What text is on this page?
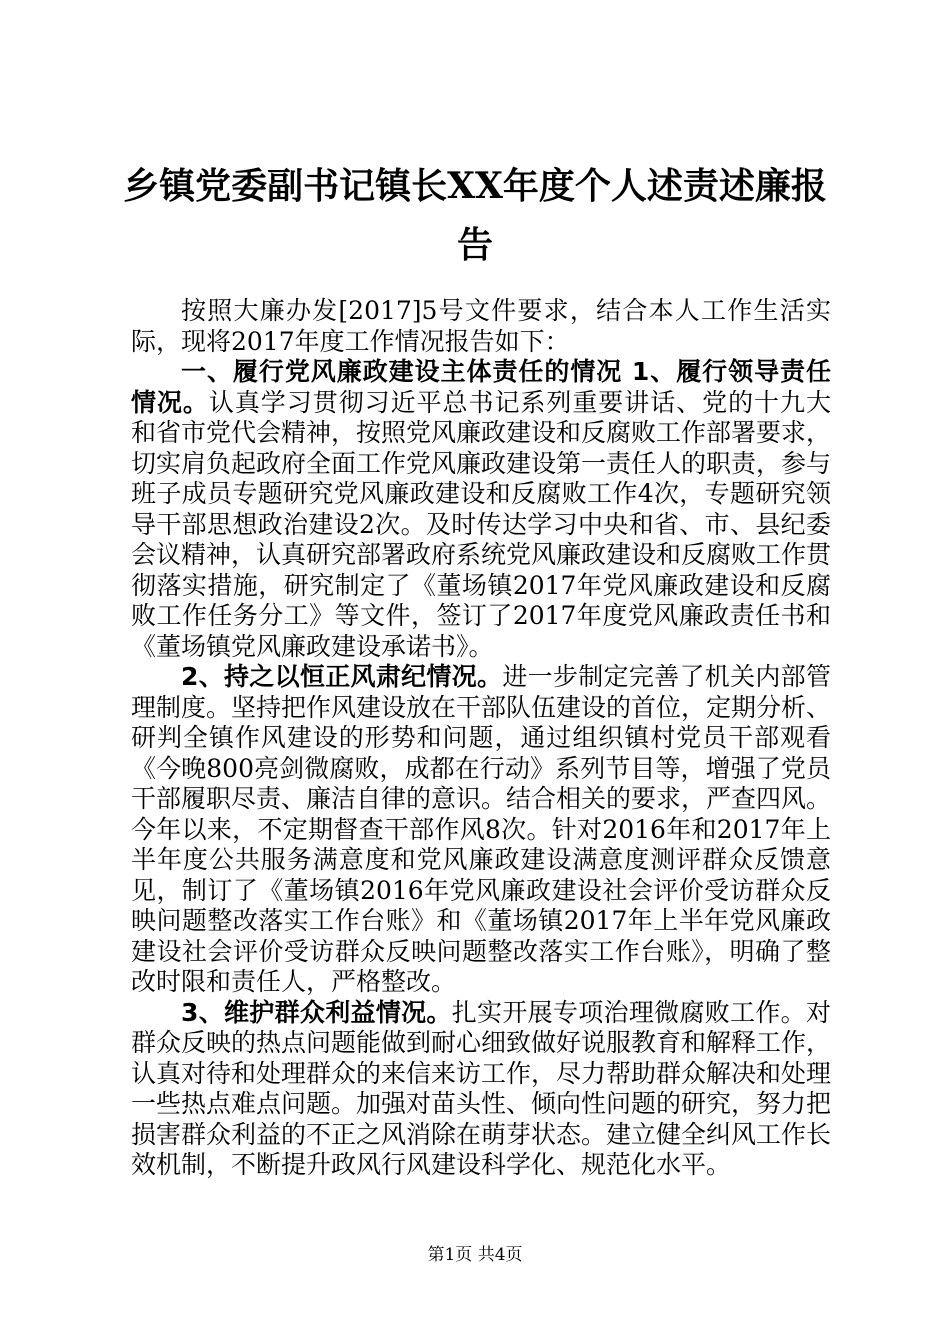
乡镇党委副书记镇长XX年度个人述责述廉报告

按照大廉办发[2017]5号文件要求，结合本人工作生活实际，现将2017年度工作情况报告如下：

一、履行党风廉政建设主体责任的情况 1、履行领导责任情况。认真学习贯彻习近平总书记系列重要讲话、党的十九大和省市党代会精神，按照党风廉政建设和反腐败工作部署要求，切实肩负起政府全面工作党风廉政建设第一责任人的职责，参与班子成员专题研究党风廉政建设和反腐败工作4次，专题研究领导干部思想政治建设2次。及时传达学习中央和省、市、县纪委会议精神，认真研究部署政府系统党风廉政建设和反腐败工作贯彻落实措施，研究制定了《董场镇2017年党风廉政建设和反腐败工作任务分工》等文件，签订了2017年度党风廉政责任书和《董场镇党风廉政建设承诺书》。

2、持之以恒正风肃纪情况。进一步制定完善了机关内部管理制度。坚持把作风建设放在干部队伍建设的首位，定期分析、研判全镇作风建设的形势和问题，通过组织镇村党员干部观看《今晚800亮剑微腐败，成都在行动》系列节目等，增强了党员干部履职尽责、廉洁自律的意识。结合相关的要求，严查四风。今年以来，不定期督查干部作风8次。针对2016年和2017年上半年度公共服务满意度和党风廉政建设满意度测评群众反馈意见，制订了《董场镇2016年党风廉政建设社会评价受访群众反映问题整改落实工作台账》和《董场镇2017年上半年党风廉政建设社会评价受访群众反映问题整改落实工作台账》，明确了整改时限和责任人，严格整改。

3、维护群众利益情况。扎实开展专项治理微腐败工作。对群众反映的热点问题能做到耐心细致做好说服教育和解释工作，认真对待和处理群众的来信来访工作，尽力帮助群众解决和处理一些热点难点问题。加强对苗头性、倾向性问题的研究，努力把损害群众利益的不正之风消除在萌芽状态。建立健全纠风工作长效机制，不断提升政风行风建设科学化、规范化水平。

第1页 共4页
